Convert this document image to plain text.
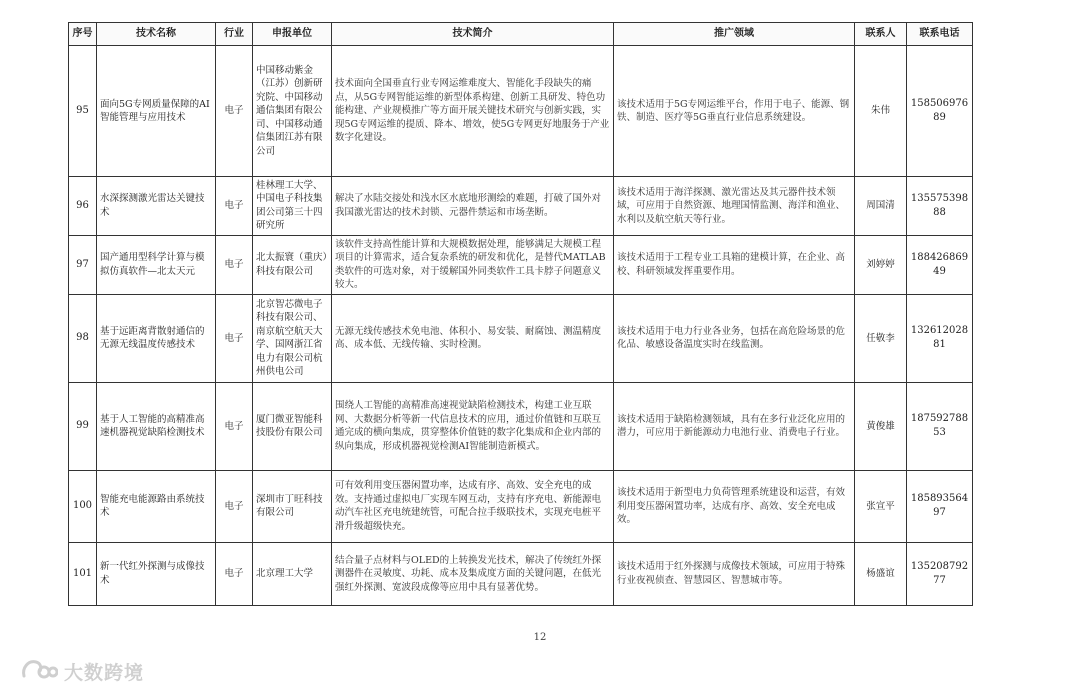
序号	技术名称	行业	申报单位	技术简介	推广领域	联系人	联系电话
95	面向5G专网质量保障的AI智能管理与应用技术	电子	中国移动紫金（江苏）创新研究院、中国移动通信集团有限公司、中国移动通信集团江苏有限公司	技术面向全国垂直行业专网运维难度大、智能化手段缺失的痛点，从5G专网智能运维的新型体系构建、创新工具研发、特色功能构建、产业规模推广等方面开展关键技术研究与创新实践，实现5G专网运维的提质、降本、增效，使5G专网更好地服务于产业数字化建设。	该技术适用于5G专网运维平台，作用于电子、能源、钢铁、制造、医疗等5G垂直行业信息系统建设。	朱伟	15850697689
96	水深探测激光雷达关键技术	电子	桂林理工大学、中国电子科技集团公司第三十四研究所	解决了水陆交接处和浅水区水底地形测绘的难题，打破了国外对我国激光雷达的技术封锁、元器件禁运和市场垄断。	该技术适用于海洋探测、激光雷达及其元器件技术领域，可应用于自然资源、地理国情监测、海洋和渔业、水利以及航空航天等行业。	周国清	13557539888
97	国产通用型科学计算与模拟仿真软件—北太天元	电子	北太振寰（重庆）科技有限公司	该软件支持高性能计算和大规模数据处理，能够满足大规模工程项目的计算需求，适合复杂系统的研发和优化，是替代MATLAB类软件的可选对象，对于缓解国外同类软件工具卡脖子问题意义较大。	该技术适用于工程专业工具箱的建模计算，在企业、高校、科研领域发挥重要作用。	刘婷婷	18842686949
98	基于远距离背散射通信的无源无线温度传感技术	电子	北京智芯微电子科技有限公司、南京航空航天大学、国网浙江省电力有限公司杭州供电公司	无源无线传感技术免电池、体积小、易安装、耐腐蚀、测温精度高、成本低、无线传输、实时检测。	该技术适用于电力行业各业务，包括在高危险场景的危化品、敏感设备温度实时在线监测。	任敬李	13261202881
99	基于人工智能的高精准高速机器视觉缺陷检测技术	电子	厦门微亚智能科技股份有限公司	围绕人工智能的高精准高速视觉缺陷检测技术，构建工业互联网、大数据分析等新一代信息技术的应用，通过价值链和互联互通完成的横向集成，贯穿整体价值链的数字化集成和企业内部的纵向集成，形成机器视觉检测AI智能制造新模式。	该技术适用于缺陷检测领域，具有在多行业泛化应用的潜力，可应用于新能源动力电池行业、消费电子行业。	黄俊雄	18759278853
100	智能充电能源路由系统技术	电子	深圳市丁旺科技有限公司	可有效利用变压器闲置功率，达成有序、高效、安全充电的成效。支持通过虚拟电厂实现车网互动，支持有序充电、新能源电动汽车社区充电统建统管，可配合拉手级联技术，实现充电桩平滑升级超级快充。	该技术适用于新型电力负荷管理系统建设和运营，有效利用变压器闲置功率，达成有序、高效、安全充电成效。	张宣平	18589356497
101	新一代红外探测与成像技术	电子	北京理工大学	结合量子点材料与OLED的上转换发光技术，解决了传统红外探测器件在灵敏度、功耗、成本及集成度方面的关键问题，在低光强红外探测、宽波段成像等应用中具有显著优势。	该技术适用于红外探测与成像技术领域，可应用于特殊行业夜视侦查、智慧园区、智慧城市等。	杨盛谊	13520879277
12
大数跨境
